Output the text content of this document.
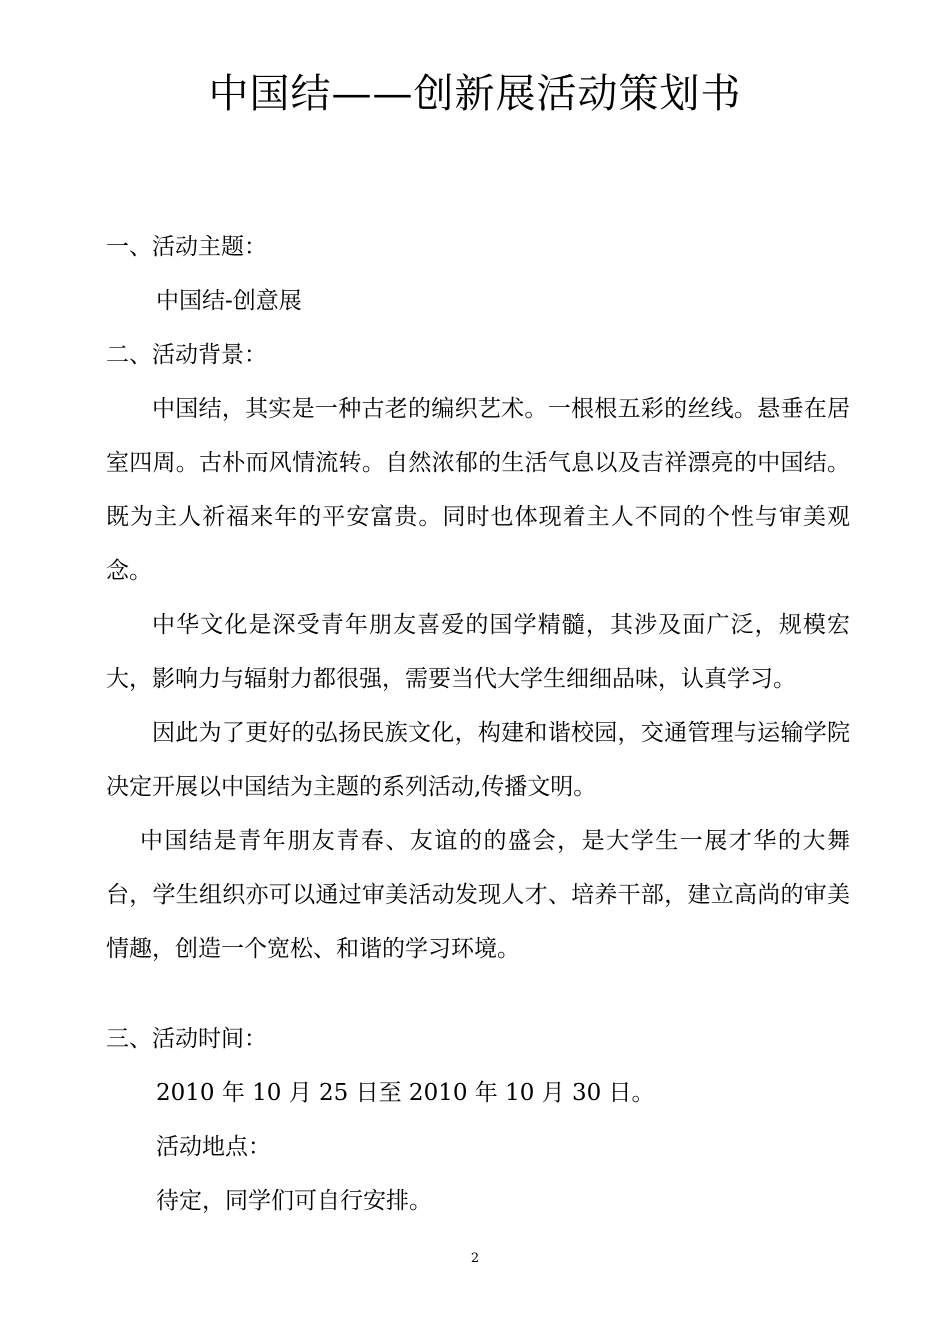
中国结——创新展活动策划书
一、活动主题：
中国结-创意展
二、活动背景：
中国结，其实是一种古老的编织艺术。一根根五彩的丝线。悬垂在居室四周。古朴而风情流转。自然浓郁的生活气息以及吉祥漂亮的中国结。既为主人祈福来年的平安富贵。同时也体现着主人不同的个性与审美观念。
中华文化是深受青年朋友喜爱的国学精髓，其涉及面广泛，规模宏大，影响力与辐射力都很强，需要当代大学生细细品味，认真学习。
因此为了更好的弘扬民族文化，构建和谐校园，交通管理与运输学院决定开展以中国结为主题的系列活动,传播文明。
中国结是青年朋友青春、友谊的的盛会，是大学生一展才华的大舞台，学生组织亦可以通过审美活动发现人才、培养干部，建立高尚的审美情趣，创造一个宽松、和谐的学习环境。
三、活动时间：
2010 年 10 月 25 日至 2010 年 10 月 30 日。
活动地点：
待定，同学们可自行安排。
2
